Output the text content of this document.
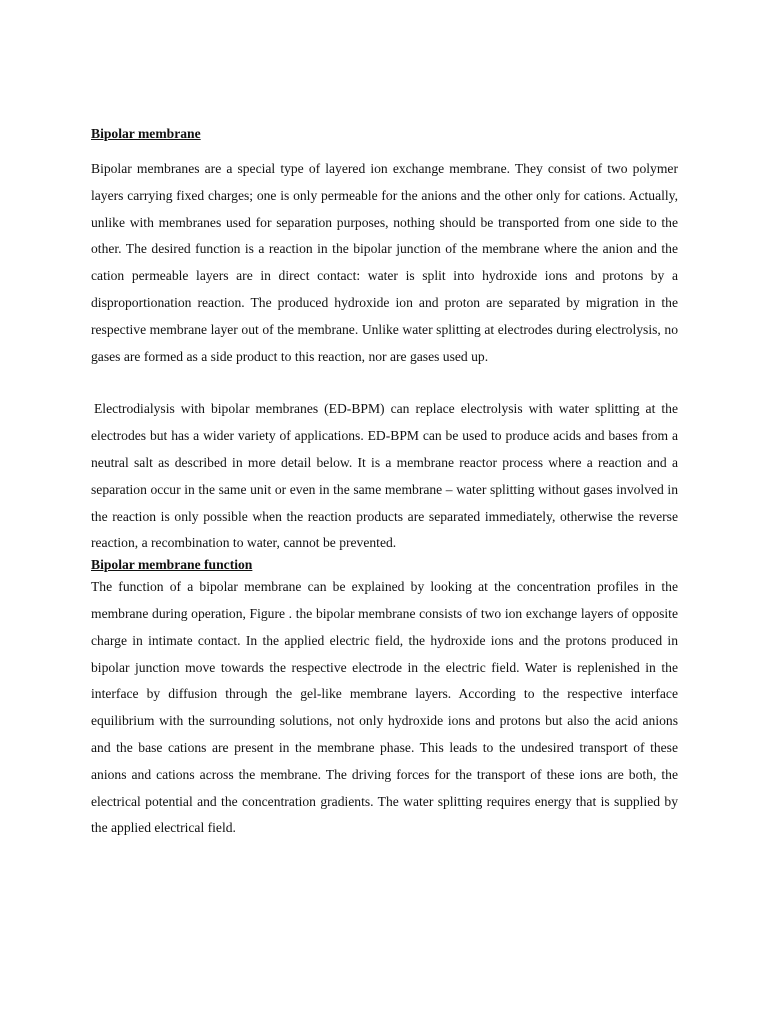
Bipolar membrane

Bipolar membranes are a special type of layered ion exchange membrane. They consist of two polymer layers carrying fixed charges; one is only permeable for the anions and the other only for cations. Actually, unlike with membranes used for separation purposes, nothing should be transported from one side to the other. The desired function is a reaction in the bipolar junction of the membrane where the anion and the cation permeable layers are in direct contact: water is split into hydroxide ions and protons by a disproportionation reaction. The produced hydroxide ion and proton are separated by migration in the respective membrane layer out of the membrane. Unlike water splitting at electrodes during electrolysis, no gases are formed as a side product to this reaction, nor are gases used up.

Electrodialysis with bipolar membranes (ED-BPM) can replace electrolysis with water splitting at the electrodes but has a wider variety of applications. ED-BPM can be used to produce acids and bases from a neutral salt as described in more detail below. It is a membrane reactor process where a reaction and a separation occur in the same unit or even in the same membrane – water splitting without gases involved in the reaction is only possible when the reaction products are separated immediately, otherwise the reverse reaction, a recombination to water, cannot be prevented.

Bipolar membrane function

The function of a bipolar membrane can be explained by looking at the concentration profiles in the membrane during operation, Figure . the bipolar membrane consists of two ion exchange layers of opposite charge in intimate contact. In the applied electric field, the hydroxide ions and the protons produced in bipolar junction move towards the respective electrode in the electric field. Water is replenished in the interface by diffusion through the gel-like membrane layers. According to the respective interface equilibrium with the surrounding solutions, not only hydroxide ions and protons but also the acid anions and the base cations are present in the membrane phase. This leads to the undesired transport of these anions and cations across the membrane. The driving forces for the transport of these ions are both, the electrical potential and the concentration gradients. The water splitting requires energy that is supplied by the applied electrical field.
